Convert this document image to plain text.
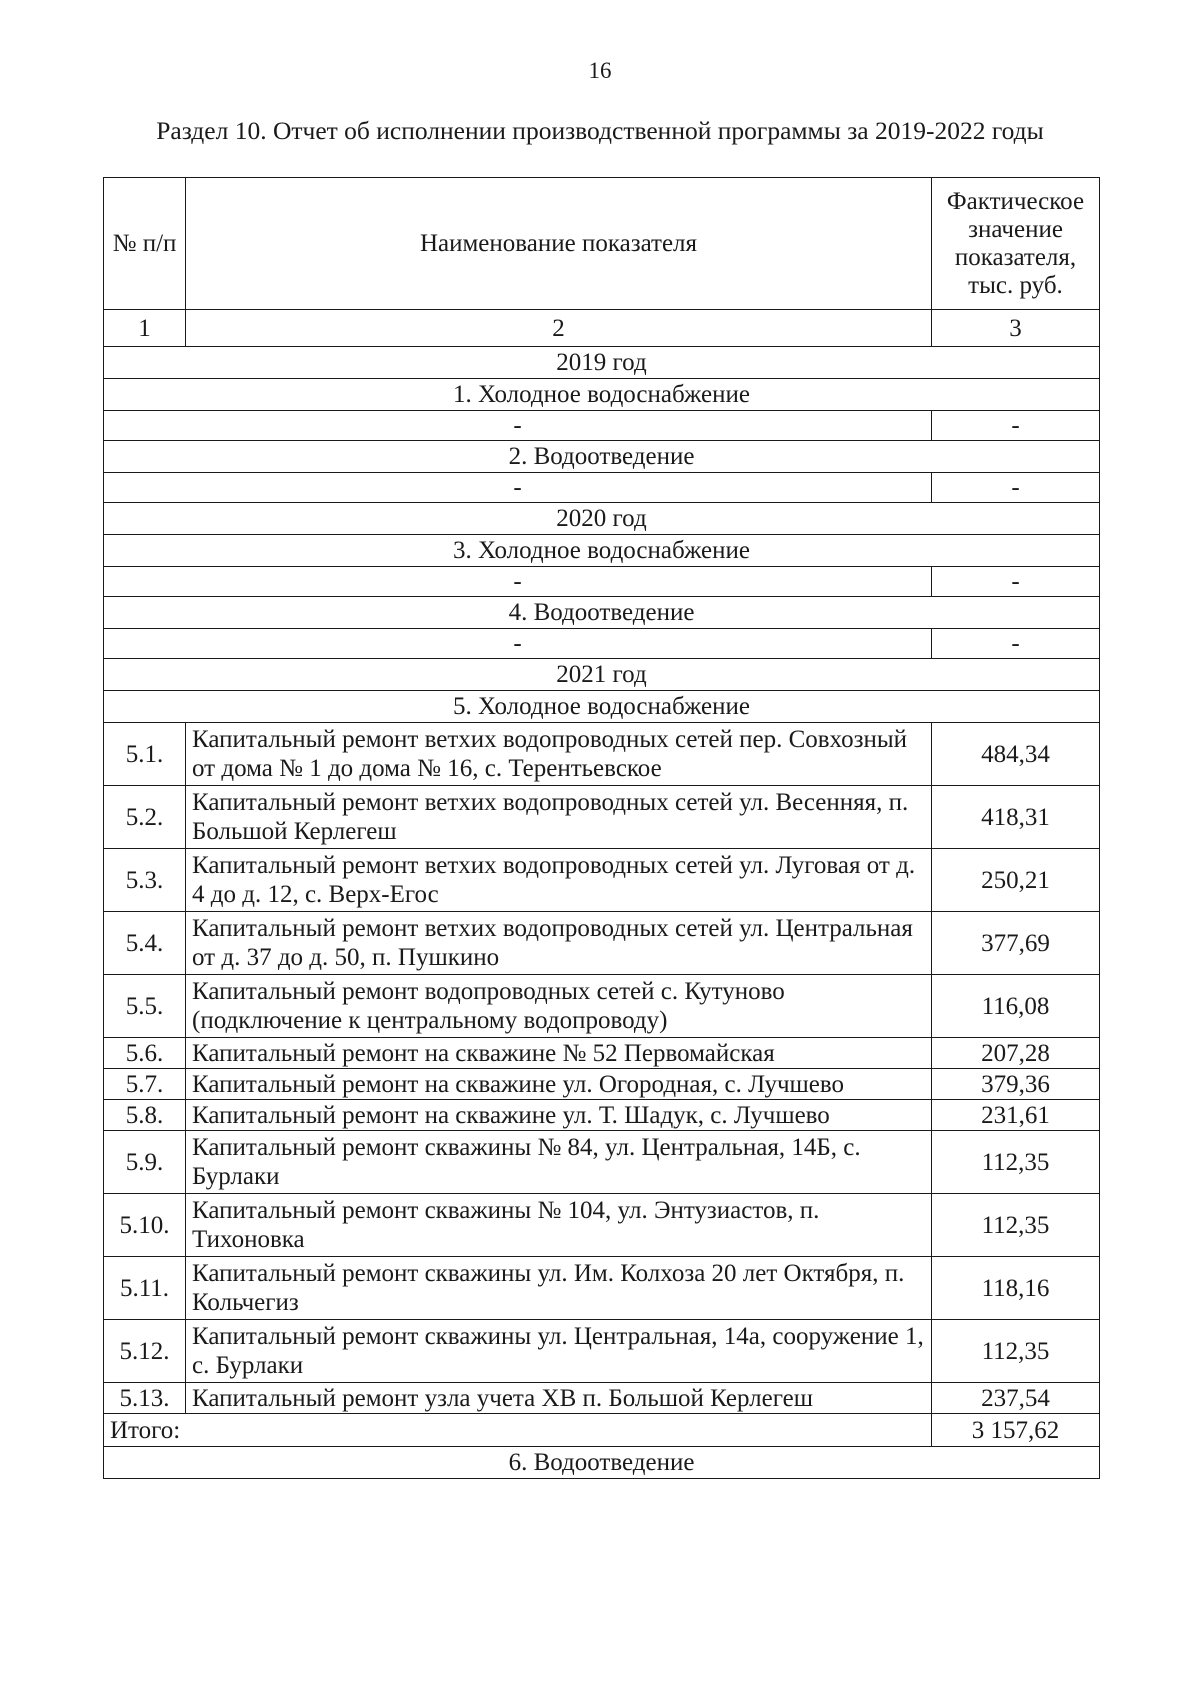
16
Раздел 10. Отчет об исполнении производственной программы за 2019-2022 годы
№ п/п	Наименование показателя	Фактическое значение показателя, тыс. руб.
1	2	3
2019 год		
1. Холодное водоснабжение		
-		-
2. Водоотведение		
-		-
2020 год		
3. Холодное водоснабжение		
-		-
4. Водоотведение		
-		-
2021 год		
5. Холодное водоснабжение		
5.1.	Капитальный ремонт ветхих водопроводных сетей пер. Совхозный от дома № 1 до дома № 16, с. Терентьевское	484,34
5.2.	Капитальный ремонт ветхих водопроводных сетей ул. Весенняя, п. Большой Керлегеш	418,31
5.3.	Капитальный ремонт ветхих водопроводных сетей ул. Луговая от д. 4 до д. 12, с. Верх-Егос	250,21
5.4.	Капитальный ремонт ветхих водопроводных сетей ул. Центральная от д. 37 до д. 50, п. Пушкино	377,69
5.5.	Капитальный ремонт водопроводных сетей с. Кутуново (подключение к центральному водопроводу)	116,08
5.6.	Капитальный ремонт на скважине № 52 Первомайская	207,28
5.7.	Капитальный ремонт на скважине ул. Огородная, с. Лучшево	379,36
5.8.	Капитальный ремонт на скважине ул. Т. Шадук, с. Лучшево	231,61
5.9.	Капитальный ремонт скважины № 84, ул. Центральная, 14Б, с. Бурлаки	112,35
5.10.	Капитальный ремонт скважины № 104, ул. Энтузиастов, п. Тихоновка	112,35
5.11.	Капитальный ремонт скважины ул. Им. Колхоза 20 лет Октября, п. Кольчегиз	118,16
5.12.	Капитальный ремонт скважины ул. Центральная, 14а, сооружение 1, с. Бурлаки	112,35
5.13.	Капитальный ремонт узла учета ХВ п. Большой Керлегеш	237,54
Итого:		3 157,62
6. Водоотведение		
